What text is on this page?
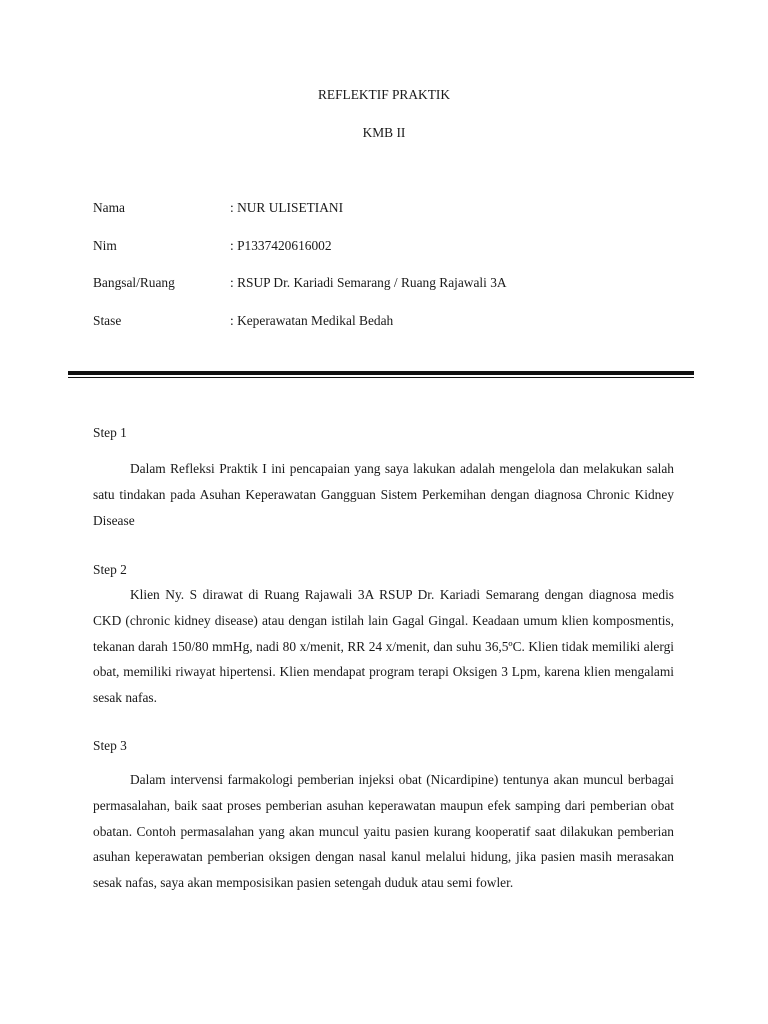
REFLEKTIF PRAKTIK
KMB II
Nama	: NUR ULISETIANI
Nim	: P1337420616002
Bangsal/Ruang	: RSUP Dr. Kariadi Semarang / Ruang Rajawali 3A
Stase	: Keperawatan Medikal Bedah
Step 1

Dalam Refleksi Praktik I ini pencapaian yang saya lakukan adalah mengelola dan melakukan salah satu tindakan pada Asuhan Keperawatan Gangguan Sistem Perkemihan dengan diagnosa Chronic Kidney Disease

Step 2

Klien Ny. S dirawat di Ruang Rajawali 3A RSUP Dr. Kariadi Semarang dengan diagnosa medis CKD (chronic kidney disease) atau dengan istilah lain Gagal Gingal. Keadaan umum klien komposmentis, tekanan darah 150/80 mmHg, nadi 80 x/menit, RR 24 x/menit, dan suhu 36,5ºC. Klien tidak memiliki alergi obat, memiliki riwayat hipertensi. Klien mendapat program terapi Oksigen 3 Lpm, karena klien mengalami sesak nafas.

Step 3

Dalam intervensi farmakologi pemberian injeksi obat (Nicardipine) tentunya akan muncul berbagai permasalahan, baik saat proses pemberian asuhan keperawatan maupun efek samping dari pemberian obat obatan. Contoh permasalahan yang akan muncul yaitu pasien kurang kooperatif saat dilakukan pemberian asuhan keperawatan pemberian oksigen dengan nasal kanul melalui hidung, jika pasien masih merasakan sesak nafas, saya akan memposisikan pasien setengah duduk atau semi fowler.
